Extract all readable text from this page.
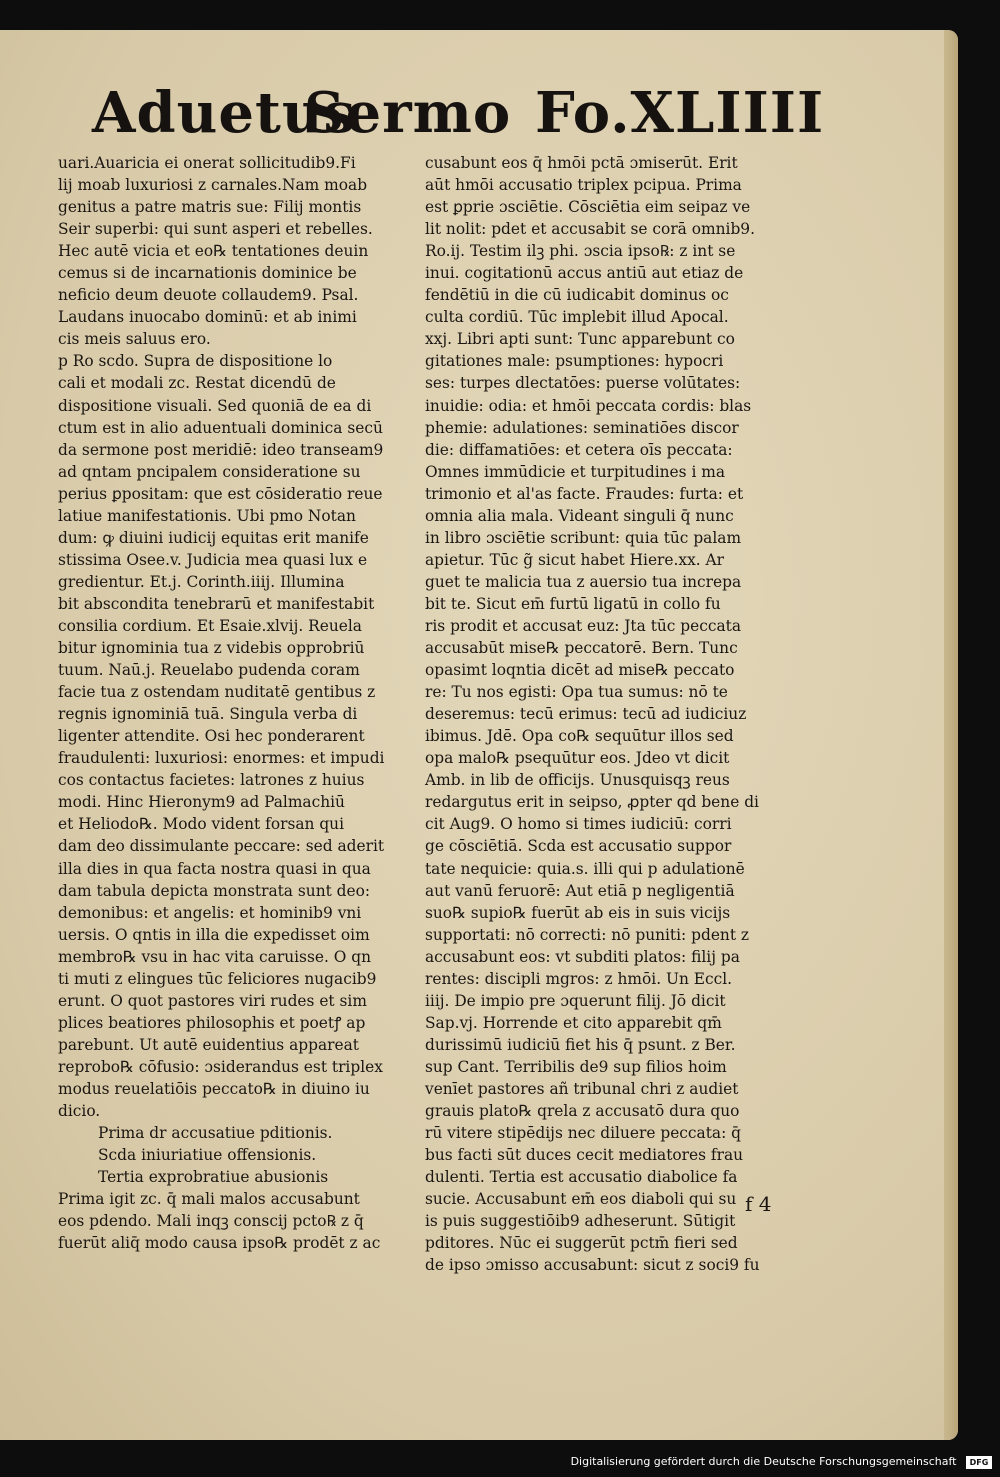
Aduetus
Sermo Fo.XLIIII
uari.Auaricia ei onerat sollicitudib9.Fi
lij moab luxuriosi z carnales.Nam moab
genitus a patre matris sue: Filij montis
Seir superbi: qui sunt asperi et rebelles.
Hec autē vicia et eo℞ tentationes deuin
cemus si de incarnationis dominice be
neficio deum deuote collaudem9. Psal.
Laudans inuocabo dominū: et ab inimi
cis meis saluus ero.
p Ro scdo. Supra de dispositione lo
cali et modali zc. Restat dicendū de
dispositione visuali. Sed quoniā de ea di
ctum est in alio aduentuali dominica secū
da sermone post meridiē: ideo transeam9
ad qntam pncipalem consideratione su
perius ꝑpositam: que est cōsideratio reue
latiue manifestationis. Ubi pmo Notan
dum: ꝙ diuini iudicij equitas erit manife
stissima Osee.v. Judicia mea quasi lux e
gredientur. Et.j. Corinth.iiij. Illumina
bit abscondita tenebrarū et manifestabit
consilia cordium. Et Esaie.xlvij. Reuela
bitur ignominia tua z videbis opprobriū
tuum. Naū.j. Reuelabo pudenda coram
facie tua z ostendam nuditatē gentibus z
regnis ignominiā tuā. Singula verba di
ligenter attendite. Osi hec ponderarent
fraudulenti: luxuriosi: enormes: et impudi
cos contactus facietes: latrones z huius
modi. Hinc Hieronym9 ad Palmachiū
et Heliodo℞. Modo vident forsan qui
dam deo dissimulante peccare: sed aderit
illa dies in qua facta nostra quasi in qua
dam tabula depicta monstrata sunt deo:
demonibus: et angelis: et hominib9 vni
uersis. O qntis in illa die expedisset oim
membro℞ vsu in hac vita caruisse. O qn
ti muti z elingues tūc feliciores nugacib9
erunt. O quot pastores viri rudes et sim
plices beatiores philosophis et poetꝭ ap
parebunt. Ut autē euidentius appareat
reprobo℞ cōfusio: ɔsiderandus est triplex
modus reuelatiōis peccato℞ in diuino iu
dicio.
Prima dr accusatiue pditionis.
Scda iniuriatiue offensionis.
Tertia exprobratiue abusionis
Prima igit zc. q̄ mali malos accusabunt
eos pdendo. Mali inqꝫ conscij pcto℞ z q̄
fuerūt aliq̄ modo causa ipso℞ prodēt z ac
cusabunt eos q̄ hmōi pctā ɔmiserūt. Erit
aūt hmōi accusatio triplex pcipua. Prima
est ꝑprie ɔsciētie. Cōsciētia eim seipaz ve
lit nolit: pdet et accusabit se corā omnib9.
Ro.ij. Testim ilꝫ phi. ɔscia ipso℞: z int se
inui. cogitationū accus antiū aut etiaz de
fendētiū in die cū iudicabit dominus oc
culta cordiū. Tūc implebit illud Apocal.
xxj. Libri apti sunt: Tunc apparebunt co
gitationes male: psumptiones: hypocri
ses: turpes dlectatōes: puerse volūtates:
inuidie: odia: et hmōi peccata cordis: blas
phemie: adulationes: seminatiōes discor
die: diffamatiōes: et cetera oīs peccata:
Omnes immūdicie et turpitudines i ma
trimonio et al'as facte. Fraudes: furta: et
omnia alia mala. Videant singuli q̄ nunc
in libro ɔsciētie scribunt: quia tūc palam
apietur. Tūc g̃ sicut habet Hiere.xx. Ar
guet te malicia tua z auersio tua increpa
bit te. Sicut em̄ furtū ligatū in collo fu
ris prodit et accusat euz: Jta tūc peccata
accusabūt mise℞ peccatorē. Bern. Tunc
opasimt loqntia dicēt ad mise℞ peccato
re: Tu nos egisti: Opa tua sumus: nō te
deseremus: tecū erimus: tecū ad iudiciuz
ibimus. Jdē. Opa co℞ sequūtur illos sed
opa malo℞ psequūtur eos. Jdeo vt dicit
Amb. in lib de officijs. Unusquisqꝫ reus
redargutus erit in seipso, ꝓpter qd bene di
cit Aug9. O homo si times iudiciū: corri
ge cōsciētiā. Scda est accusatio suppor
tate nequicie: quia.s. illi qui p adulationē
aut vanū feruorē: Aut etiā p negligentiā
suo℞ supio℞ fuerūt ab eis in suis vicijs
supportati: nō correcti: nō puniti: pdent z
accusabunt eos: vt subditi platos: filij pa
rentes: discipli mgros: z hmōi. Un Eccl.
iiij. De impio pre ɔquerunt filij. Jō dicit
Sap.vj. Horrende et cito apparebit qm̄
durissimū iudiciū fiet his q̄ psunt. z Ber.
sup Cant. Terribilis de9 sup filios hoim
venīet pastores añ tribunal chri z audiet
grauis plato℞ qrela z accusatō dura quo
rū vitere stipēdijs nec diluere peccata: q̄
bus facti sūt duces cecit mediatores frau
dulenti. Tertia est accusatio diabolice fa
sucie. Accusabunt em̄ eos diaboli qui su
is puis suggestiōib9 adheserunt. Sūtigit
pditores. Nūc ei suggerūt pctm̄ fieri sed
de ipso ɔmisso accusabunt: sicut z soci9 fu
f 4
Digitalisierung gefördert durch die Deutsche Forschungsgemeinschaft DFG
